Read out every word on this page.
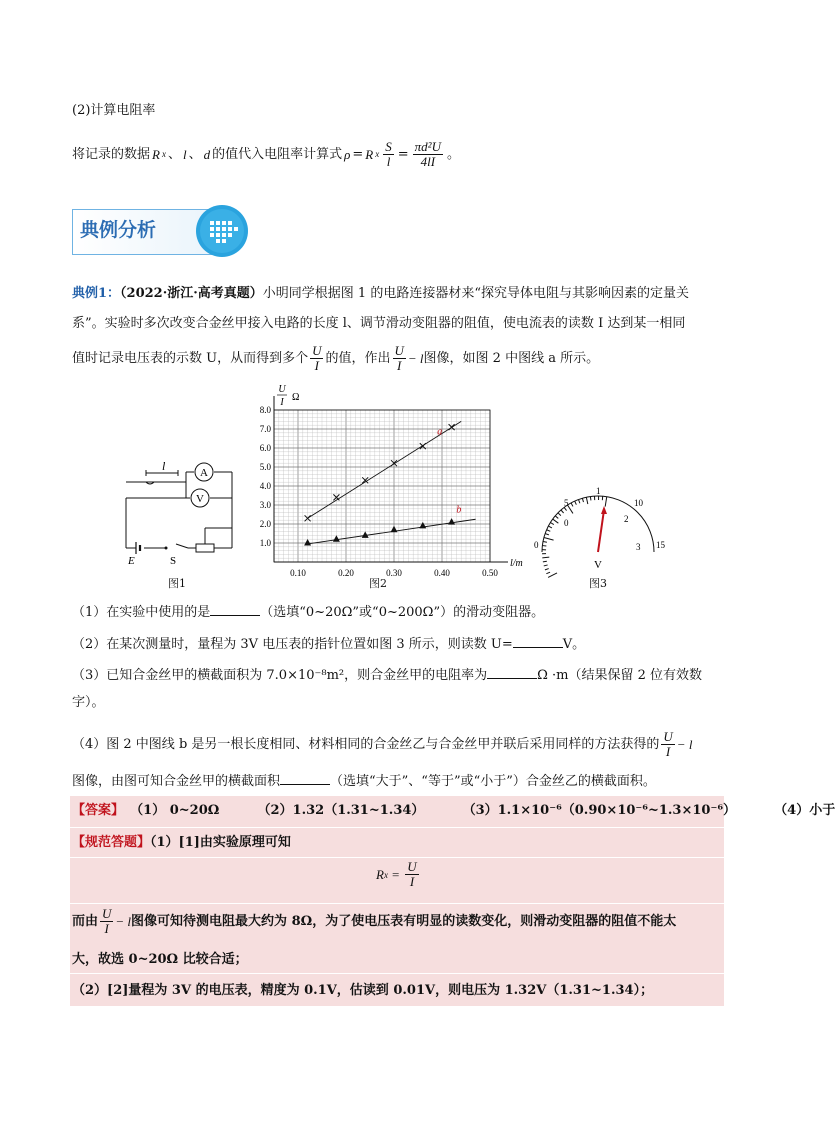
(2)计算电阻率
将记录的数据 R x 、 l 、 d 的值代入电阻率计算式 ρ = R x $\frac{S}{l} = \frac{\text{πd²U}}{4lI}$ 。
典例分析
典例1：（2022·浙江·高考真题）小明同学根据图 1 的电路连接器材来“探究导体电阻与其影响因素的定量关
系”。实验时多次改变合金丝甲接入电路的长度 l、调节滑动变阻器的阻值，使电流表的读数 I 达到某一相同
值时记录电压表的示数 U，从而得到多个 $\frac{U}{I}$ 的值，作出 $\frac{U}{I} - l$ 图像，如图 2 中图线 a 所示。
A
V
l
E	S
图1
0.10	0.20	0.30	0.40	0.50
1.0
2.0
3.0
4.0
5.0
6.0
7.0
8.0
l/m
U
I Ω
a
b
图2
0
5	10
15
0
1
2
3
V
图3
（1）在实验中使用的是	（选填“0~20Ω”或“0~200Ω”）的滑动变阻器。
（2）在某次测量时，量程为 3V 电压表的指针位置如图 3 所示，则读数 U=	V。
（3）已知合金丝甲的横截面积为 7.0×10⁻⁸m²，则合金丝甲的电阻率为	Ω ·m（结果保留 2 位有效数
字）。
（4）图 2 中图线 b 是另一根长度相同、材料相同的合金丝乙与合金丝甲并联后采用同样的方法获得的 $\frac{U}{I} - l$
图像，由图可知合金丝甲的横截面积	（选填“大于”、“等于”或“小于”）合金丝乙的横截面积。
【答案】 （1） 0~20Ω	（2）1.32（1.31~1.34）	（3）1.1×10⁻⁶（0.90×10⁻⁶~1.3×10⁻⁶）	（4）小于
【规范答题】（1）[1]由实验原理可知
R $x = \frac{U}{I}$
而由 $\frac{U}{I} - l$ 图像可知待测电阻最大约为 8Ω，为了使电压表有明显的读数变化，则滑动变阻器的阻值不能太
大，故选 0~20Ω 比较合适；
（2）[2]量程为 3V 的电压表，精度为 0.1V，估读到 0.01V，则电压为 1.32V（1.31~1.34）；
